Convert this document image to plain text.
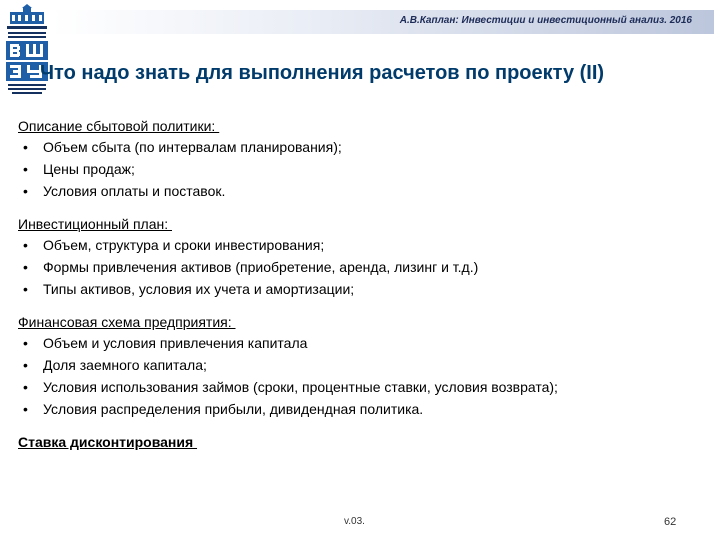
А.В.Каплан: Инвестиции и инвестиционный анализ. 2016
Что надо знать для выполнения расчетов по проекту (II)
Описание сбытовой политики:
• Объем сбыта (по интервалам планирования);
• Цены продаж;
• Условия оплаты и поставок.
Инвестиционный план:
• Объем, структура и сроки инвестирования;
• Формы привлечения активов (приобретение, аренда, лизинг и т.д.)
• Типы активов, условия их учета и амортизации;
Финансовая схема предприятия:
• Объем и условия привлечения капитала
• Доля заемного капитала;
• Условия использования займов (сроки, процентные ставки, условия возврата);
• Условия распределения прибыли, дивидендная политика.
Ставка дисконтирования
v.03.	62
